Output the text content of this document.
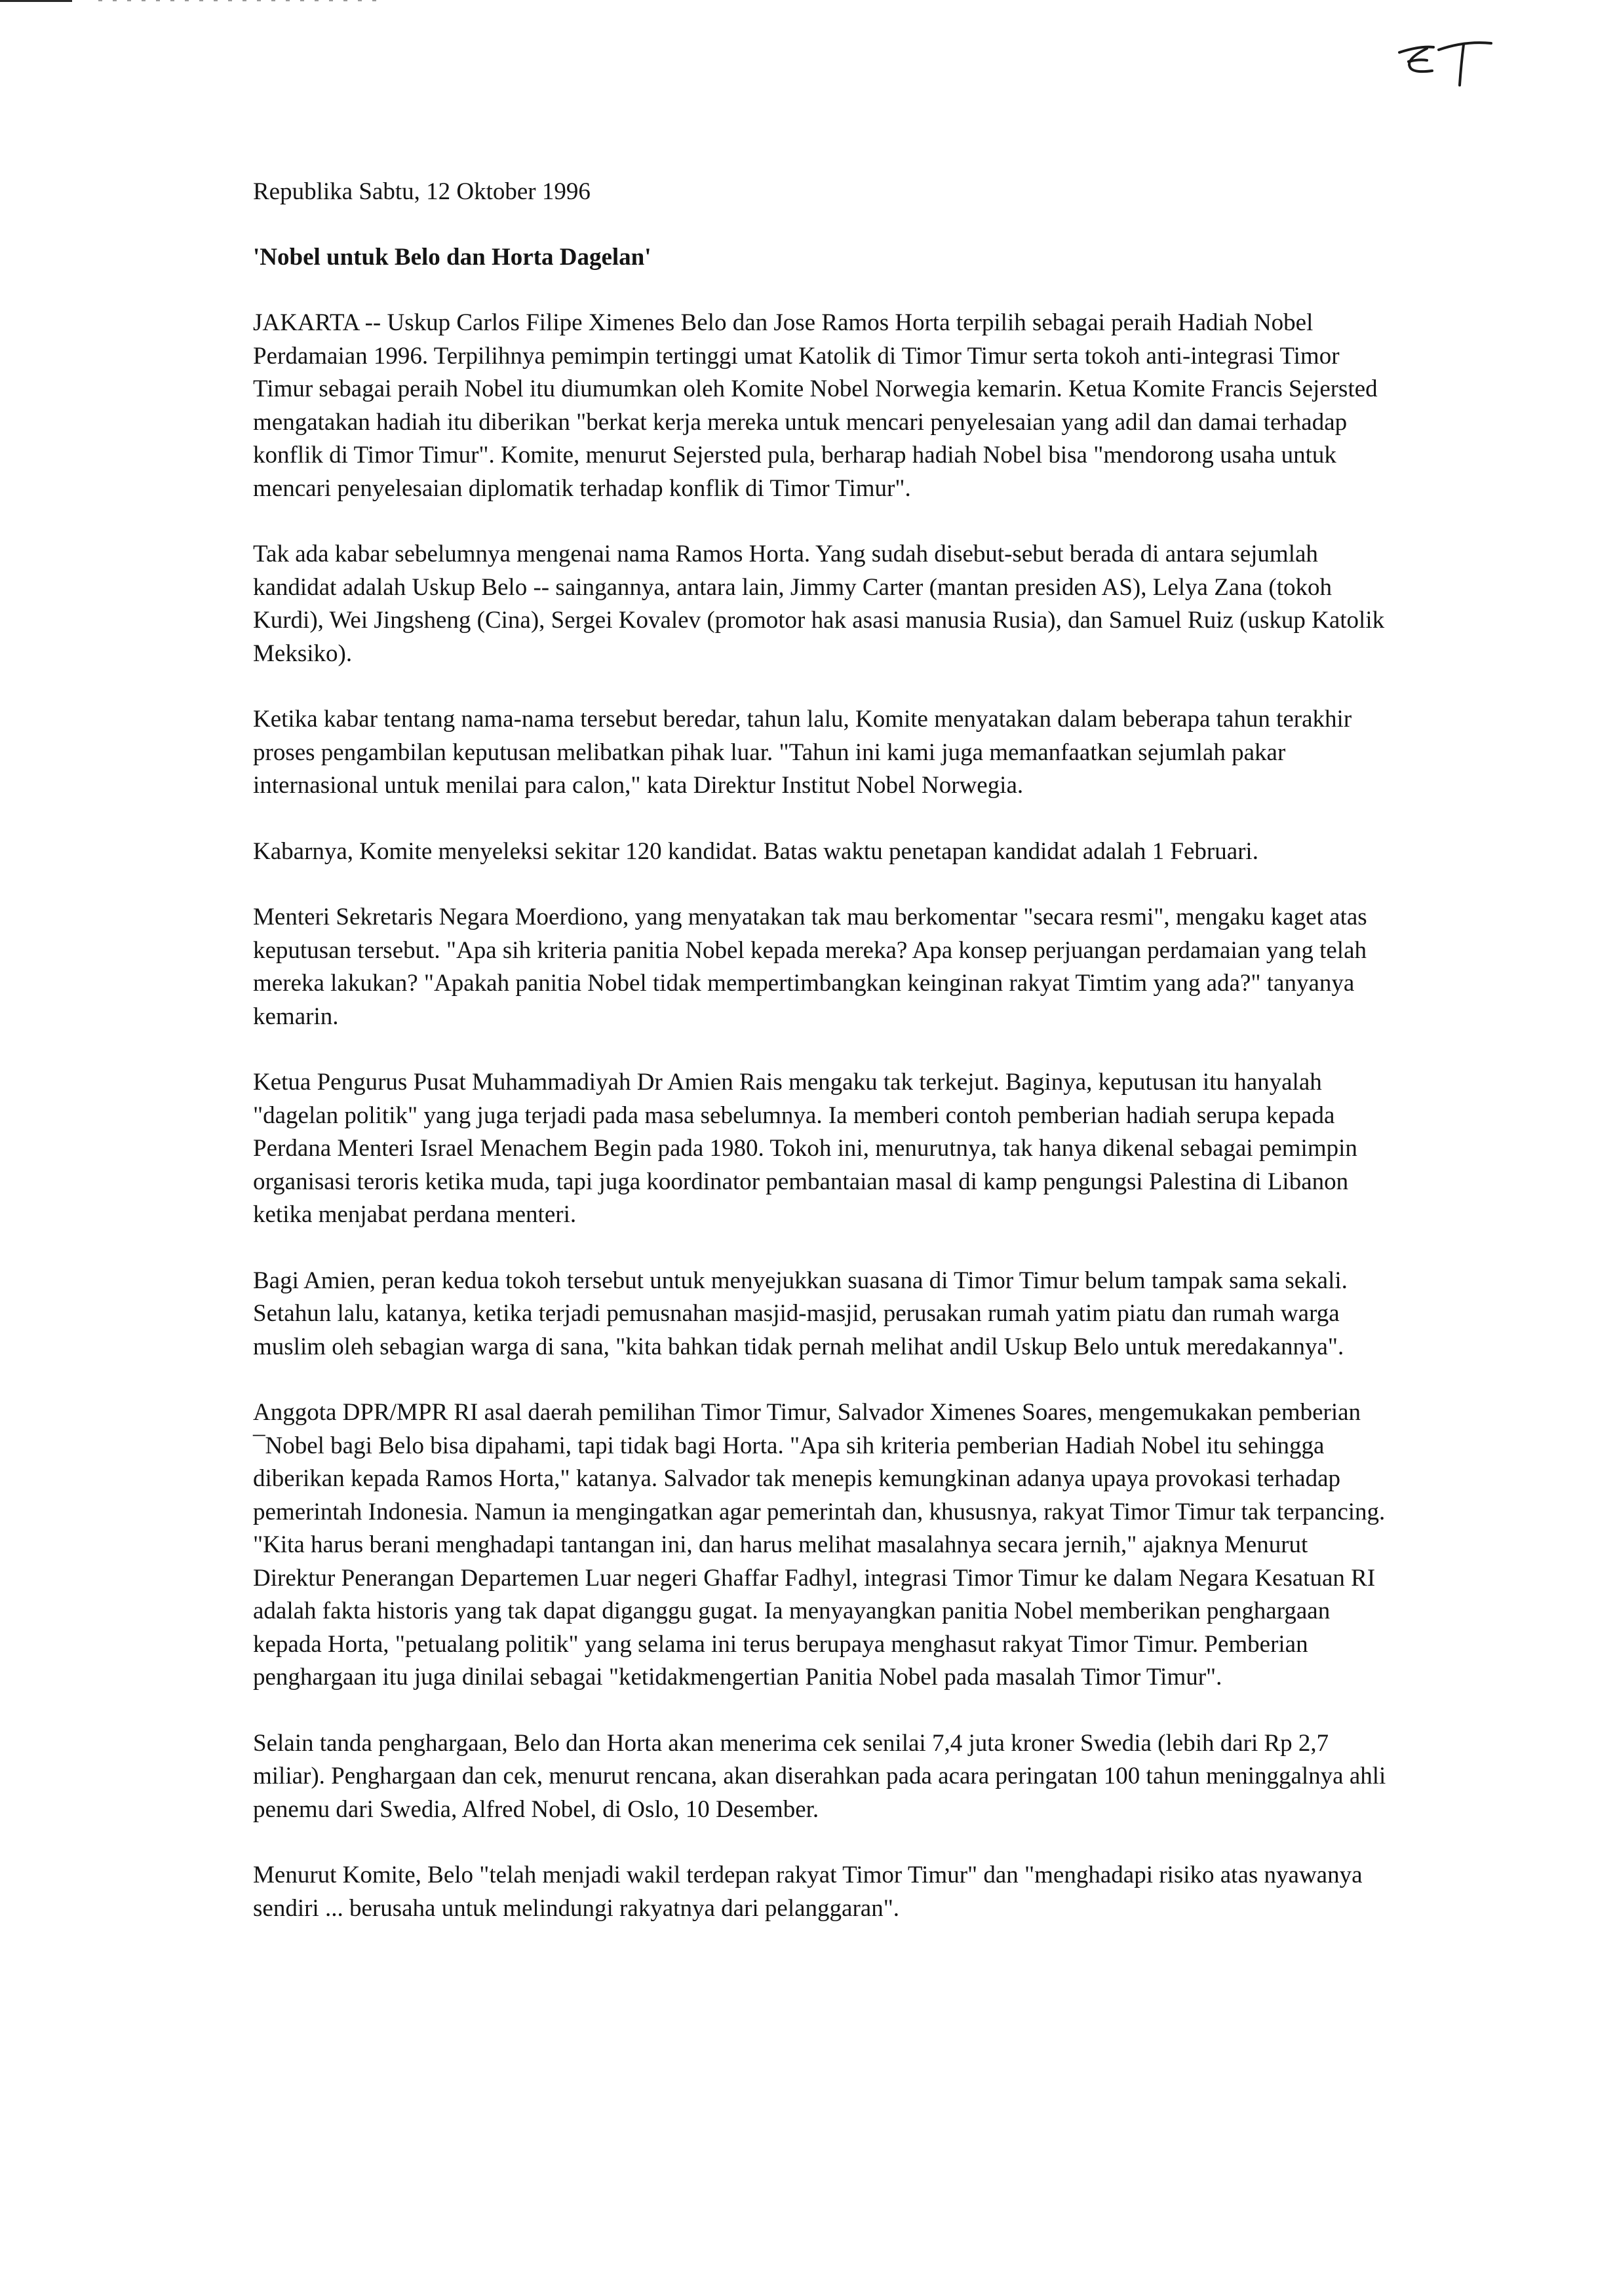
Republika Sabtu, 12 Oktober 1996

'Nobel untuk Belo dan Horta Dagelan'

JAKARTA -- Uskup Carlos Filipe Ximenes Belo dan Jose Ramos Horta terpilih sebagai peraih Hadiah Nobel Perdamaian 1996. Terpilihnya pemimpin tertinggi umat Katolik di Timor Timur serta tokoh anti-integrasi Timor Timur sebagai peraih Nobel itu diumumkan oleh Komite Nobel Norwegia kemarin. Ketua Komite Francis Sejersted mengatakan hadiah itu diberikan "berkat kerja mereka untuk mencari penyelesaian yang adil dan damai terhadap konflik di Timor Timur". Komite, menurut Sejersted pula, berharap hadiah Nobel bisa "mendorong usaha untuk mencari penyelesaian diplomatik terhadap konflik di Timor Timur".

Tak ada kabar sebelumnya mengenai nama Ramos Horta. Yang sudah disebut-sebut berada di antara sejumlah kandidat adalah Uskup Belo -- saingannya, antara lain, Jimmy Carter (mantan presiden AS), Lelya Zana (tokoh Kurdi), Wei Jingsheng (Cina), Sergei Kovalev (promotor hak asasi manusia Rusia), dan Samuel Ruiz (uskup Katolik Meksiko).

Ketika kabar tentang nama-nama tersebut beredar, tahun lalu, Komite menyatakan dalam beberapa tahun terakhir proses pengambilan keputusan melibatkan pihak luar. "Tahun ini kami juga memanfaatkan sejumlah pakar internasional untuk menilai para calon," kata Direktur Institut Nobel Norwegia.

Kabarnya, Komite menyeleksi sekitar 120 kandidat. Batas waktu penetapan kandidat adalah 1 Februari.

Menteri Sekretaris Negara Moerdiono, yang menyatakan tak mau berkomentar "secara resmi", mengaku kaget atas keputusan tersebut. "Apa sih kriteria panitia Nobel kepada mereka? Apa konsep perjuangan perdamaian yang telah mereka lakukan? "Apakah panitia Nobel tidak mempertimbangkan keinginan rakyat Timtim yang ada?" tanyanya kemarin.

Ketua Pengurus Pusat Muhammadiyah Dr Amien Rais mengaku tak terkejut. Baginya, keputusan itu hanyalah "dagelan politik" yang juga terjadi pada masa sebelumnya. Ia memberi contoh pemberian hadiah serupa kepada Perdana Menteri Israel Menachem Begin pada 1980. Tokoh ini, menurutnya, tak hanya dikenal sebagai pemimpin organisasi teroris ketika muda, tapi juga koordinator pembantaian masal di kamp pengungsi Palestina di Libanon ketika menjabat perdana menteri.

Bagi Amien, peran kedua tokoh tersebut untuk menyejukkan suasana di Timor Timur belum tampak sama sekali. Setahun lalu, katanya, ketika terjadi pemusnahan masjid-masjid, perusakan rumah yatim piatu dan rumah warga muslim oleh sebagian warga di sana, "kita bahkan tidak pernah melihat andil Uskup Belo untuk meredakannya".

Anggota DPR/MPR RI asal daerah pemilihan Timor Timur, Salvador Ximenes Soares, mengemukakan pemberian ¯Nobel bagi Belo bisa dipahami, tapi tidak bagi Horta. "Apa sih kriteria pemberian Hadiah Nobel itu sehingga diberikan kepada Ramos Horta," katanya. Salvador tak menepis kemungkinan adanya upaya provokasi terhadap pemerintah Indonesia. Namun ia mengingatkan agar pemerintah dan, khususnya, rakyat Timor Timur tak terpancing. "Kita harus berani menghadapi tantangan ini, dan harus melihat masalahnya secara jernih," ajaknya Menurut Direktur Penerangan Departemen Luar negeri Ghaffar Fadhyl, integrasi Timor Timur ke dalam Negara Kesatuan RI adalah fakta historis yang tak dapat diganggu gugat. Ia menyayangkan panitia Nobel memberikan penghargaan kepada Horta, "petualang politik" yang selama ini terus berupaya menghasut rakyat Timor Timur. Pemberian penghargaan itu juga dinilai sebagai "ketidakmengertian Panitia Nobel pada masalah Timor Timur".

Selain tanda penghargaan, Belo dan Horta akan menerima cek senilai 7,4 juta kroner Swedia (lebih dari Rp 2,7 miliar). Penghargaan dan cek, menurut rencana, akan diserahkan pada acara peringatan 100 tahun meninggalnya ahli penemu dari Swedia, Alfred Nobel, di Oslo, 10 Desember.

Menurut Komite, Belo "telah menjadi wakil terdepan rakyat Timor Timur" dan "menghadapi risiko atas nyawanya sendiri ... berusaha untuk melindungi rakyatnya dari pelanggaran".
